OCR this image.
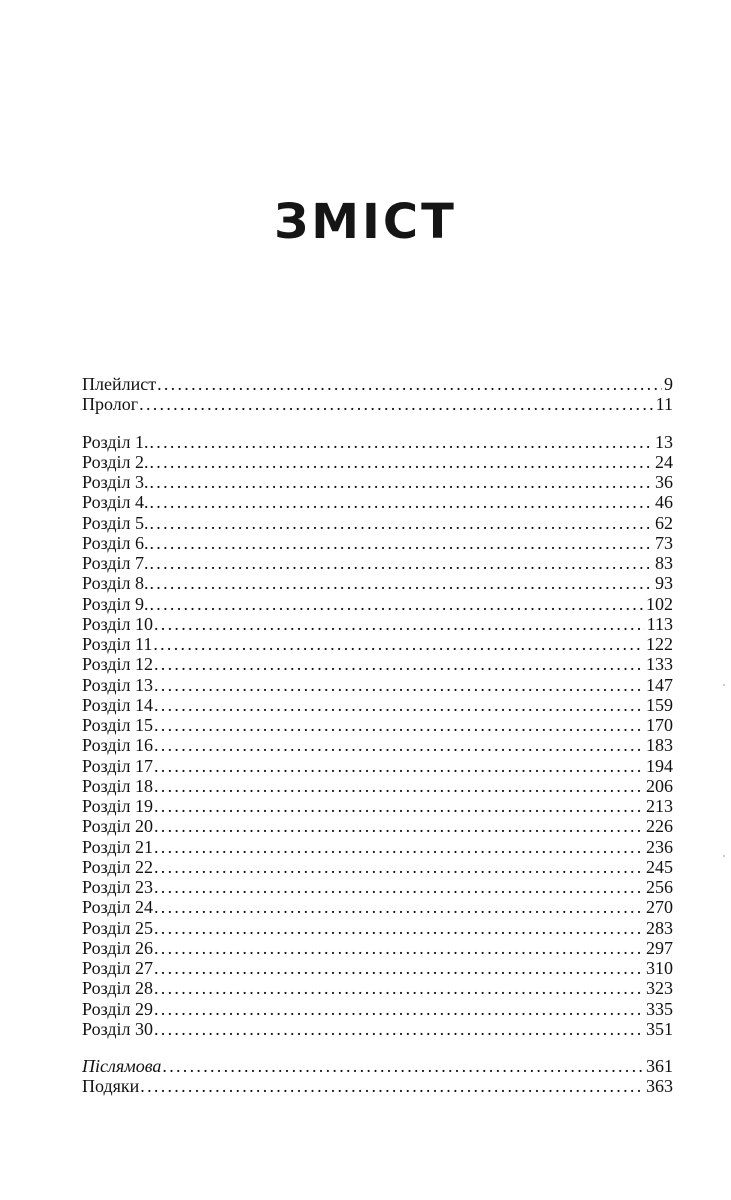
ЗМІСТ
Плейлист . . .	9
Пролог . . .	11
Розділ 1. . . .	13
Розділ 2. . . .	24
Розділ 3. . . .	36
Розділ 4. . . .	46
Розділ 5. . . .	62
Розділ 6. . . .	73
Розділ 7. . . .	83
Розділ 8. . . .	93
Розділ 9. . . .	102
Розділ 10 . . .	113
Розділ 11 . . .	122
Розділ 12 . . .	133
Розділ 13 . . .	147
Розділ 14 . . .	159
Розділ 15 . . .	170
Розділ 16 . . .	183
Розділ 17 . . .	194
Розділ 18 . . .	206
Розділ 19 . . .	213
Розділ 20 . . .	226
Розділ 21 . . .	236
Розділ 22 . . .	245
Розділ 23 . . .	256
Розділ 24 . . .	270
Розділ 25 . . .	283
Розділ 26 . . .	297
Розділ 27 . . .	310
Розділ 28 . . .	323
Розділ 29 . . .	335
Розділ 30 . . .	351
Післямова . . .	361
Подяки . . .	363
